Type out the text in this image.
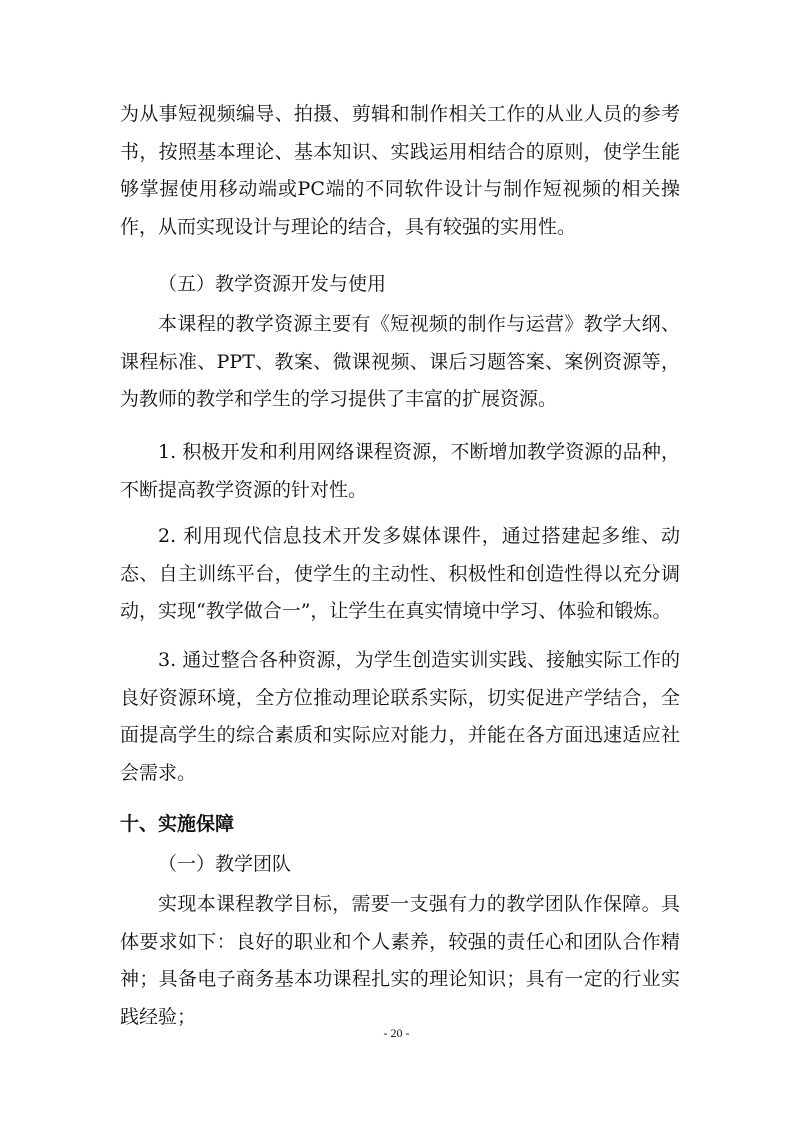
为从事短视频编导、拍摄、剪辑和制作相关工作的从业人员的参考书，按照基本理论、基本知识、实践运用相结合的原则，使学生能够掌握使用移动端或PC端的不同软件设计与制作短视频的相关操作，从而实现设计与理论的结合，具有较强的实用性。

（五）教学资源开发与使用

本课程的教学资源主要有《短视频的制作与运营》教学大纲、课程标准、PPT、教案、微课视频、课后习题答案、案例资源等，为教师的教学和学生的学习提供了丰富的扩展资源。

1. 积极开发和利用网络课程资源，不断增加教学资源的品种，不断提高教学资源的针对性。

2. 利用现代信息技术开发多媒体课件，通过搭建起多维、动态、自主训练平台，使学生的主动性、积极性和创造性得以充分调动，实现“教学做合一”，让学生在真实情境中学习、体验和锻炼。

3. 通过整合各种资源，为学生创造实训实践、接触实际工作的良好资源环境，全方位推动理论联系实际，切实促进产学结合，全面提高学生的综合素质和实际应对能力，并能在各方面迅速适应社会需求。

十、实施保障

（一）教学团队

实现本课程教学目标，需要一支强有力的教学团队作保障。具体要求如下：良好的职业和个人素养，较强的责任心和团队合作精神；具备电子商务基本功课程扎实的理论知识；具有一定的行业实践经验；

- 20 -
